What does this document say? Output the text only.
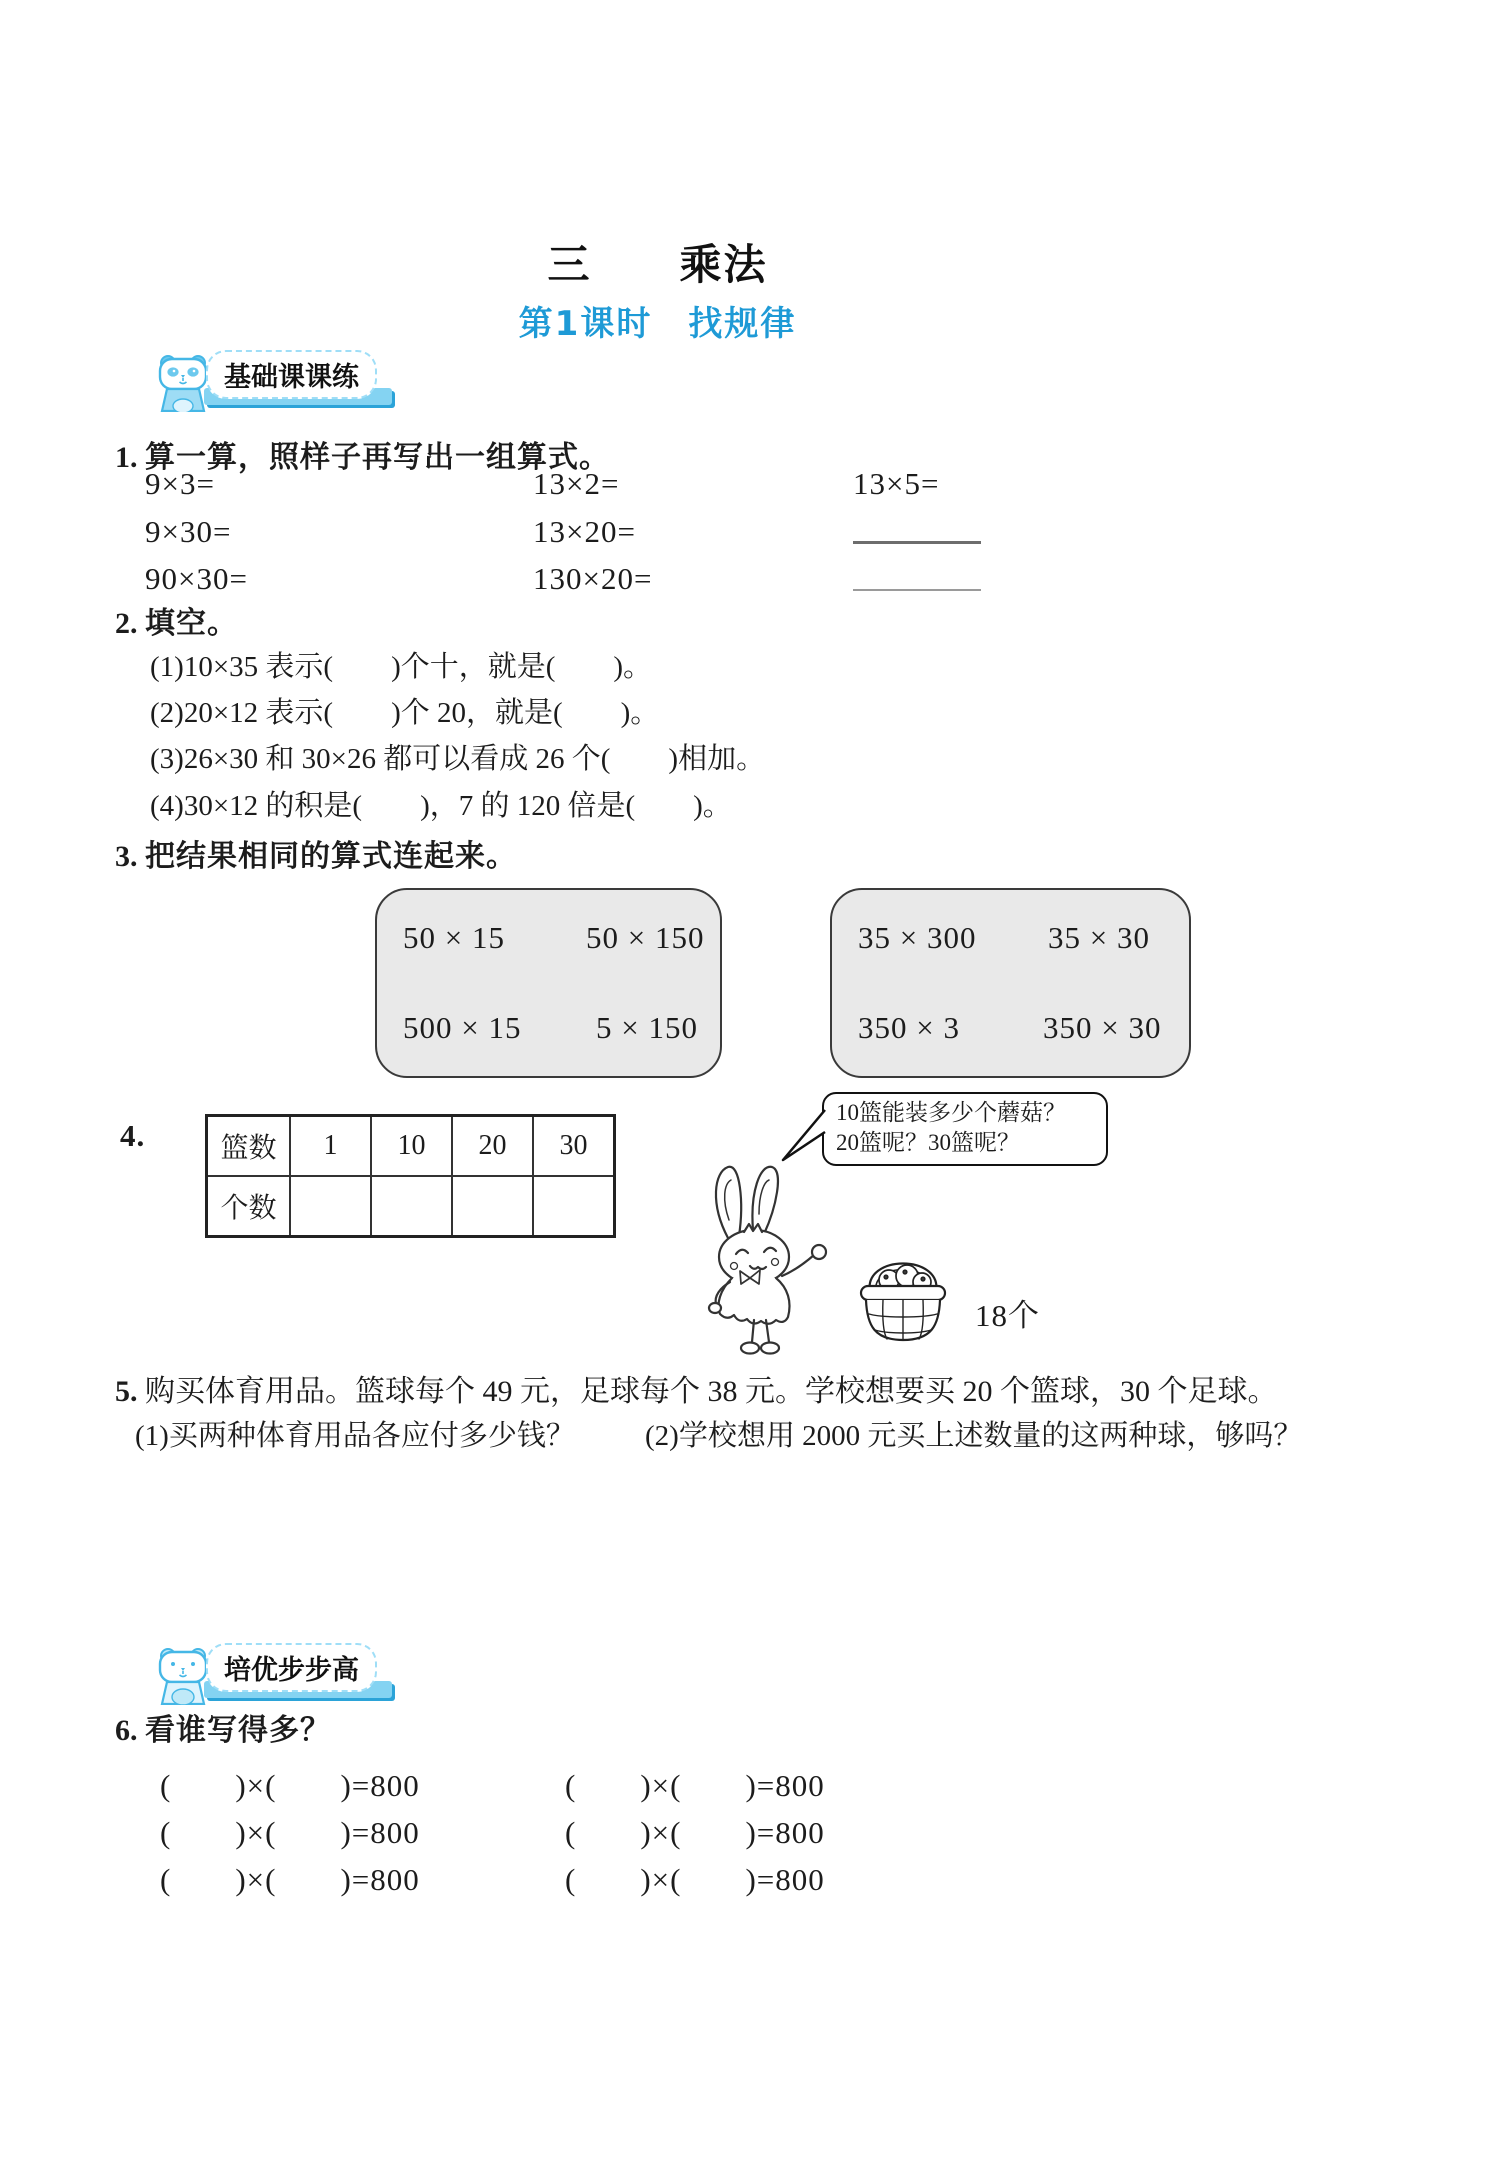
三　　乘法
第1课时　找规律
基础课课练
1. 算一算，照样子再写出一组算式。
9×3=	13×2=	13×5=
9×30=	13×20=
90×30=	130×20=
2. 填空。
(1)10×35 表示(　　)个十，就是(　　)。
(2)20×12 表示(　　)个 20，就是(　　)。
(3)26×30 和 30×26 都可以看成 26 个(　　)相加。
(4)30×12 的积是(　　)，7 的 120 倍是(　　)。
3. 把结果相同的算式连起来。
50 × 15	50 × 150
500 × 15 5 × 150
35 × 300 35 × 30
350 × 3	350 × 30
4.	篮数	1	10	20	30
个数				
10篮能装多少个蘑菇？
20篮呢？30篮呢？
18个
5. 购买体育用品。篮球每个 49 元，足球每个 38 元。学校想要买 20 个篮球，30 个足球。
(1)买两种体育用品各应付多少钱？ (2)学校想用 2000 元买上述数量的这两种球，够吗？
培优步步高
6. 看谁写得多？
(　　)×(　　)=800	(　　)×(　　)=800
(　　)×(　　)=800	(　　)×(　　)=800
(　　)×(　　)=800	(　　)×(　　)=800
